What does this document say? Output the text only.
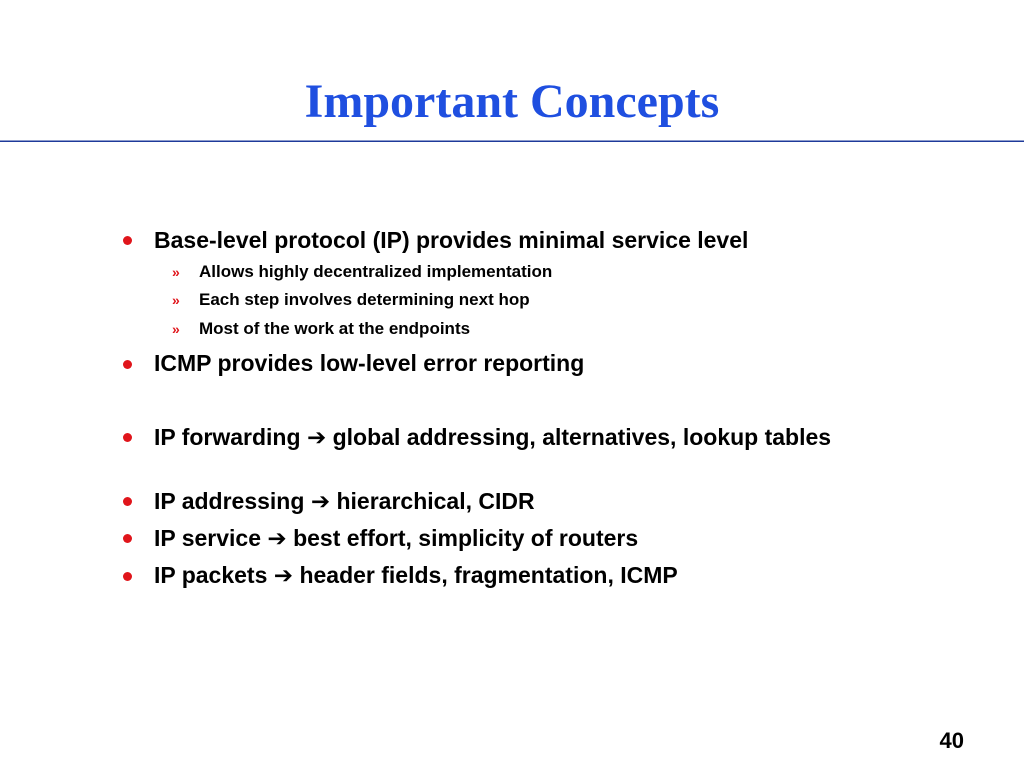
Important Concepts
Base-level protocol (IP) provides minimal service level
» Allows highly decentralized implementation
» Each step involves determining next hop
» Most of the work at the endpoints
ICMP provides low-level error reporting
IP forwarding ➔ global addressing, alternatives, lookup tables
IP addressing ➔ hierarchical, CIDR
IP service ➔ best effort, simplicity of routers
IP packets ➔ header fields, fragmentation, ICMP
40
